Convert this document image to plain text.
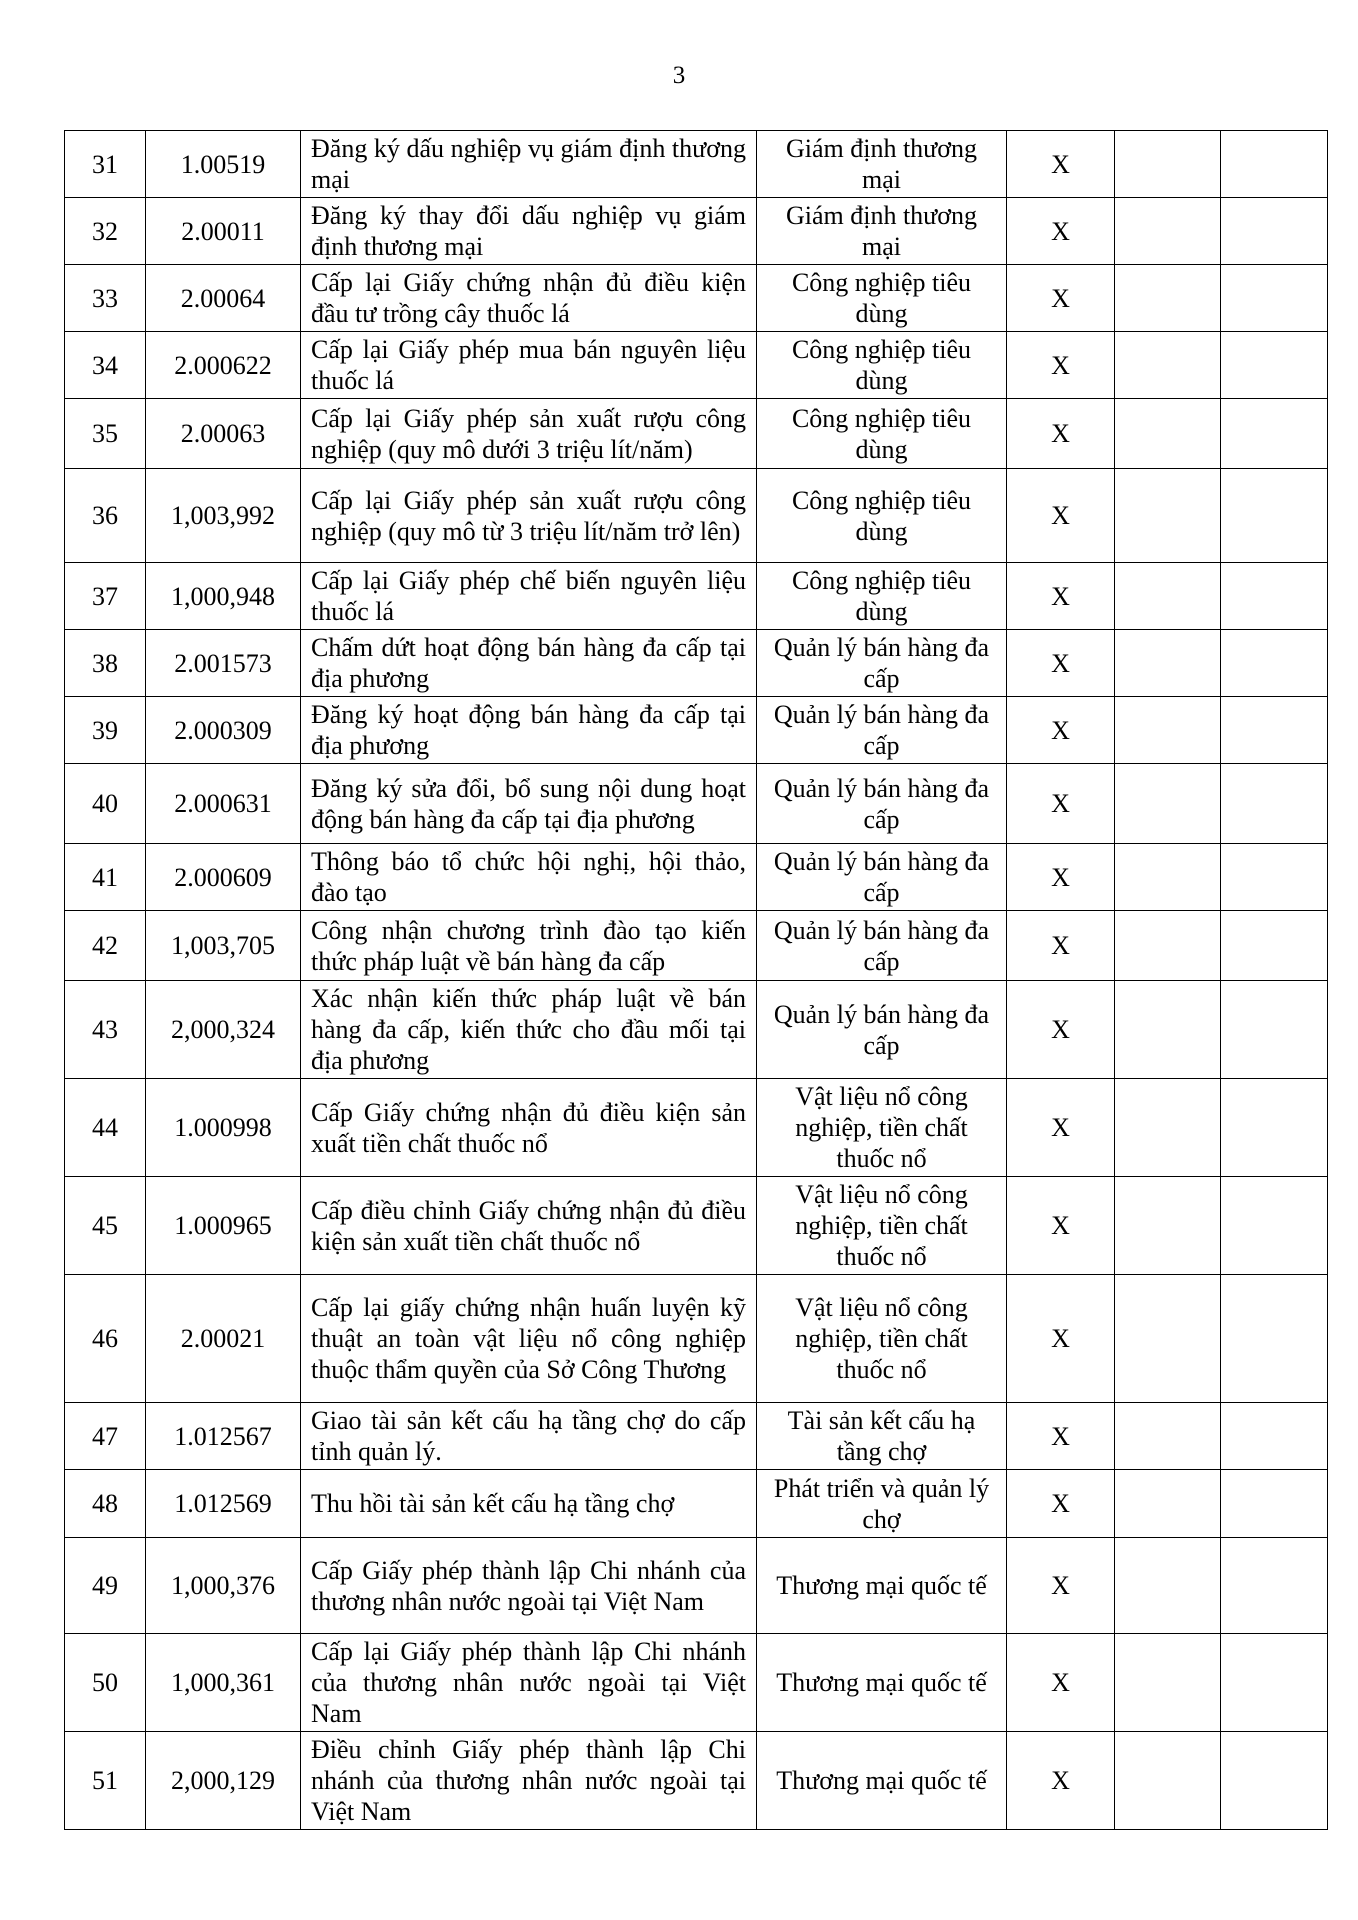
3
31	1.00519	Đăng ký dấu nghiệp vụ giám định thương mại	Giám định thương mại	X		
32	2.00011	Đăng ký thay đổi dấu nghiệp vụ giám định thương mại	Giám định thương mại	X		
33	2.00064	Cấp lại Giấy chứng nhận đủ điều kiện đầu tư trồng cây thuốc lá	Công nghiệp tiêu dùng	X		
34	2.000622	Cấp lại Giấy phép mua bán nguyên liệu thuốc lá	Công nghiệp tiêu dùng	X		
35	2.00063	Cấp lại Giấy phép sản xuất rượu công nghiệp (quy mô dưới 3 triệu lít/năm)	Công nghiệp tiêu dùng	X		
36	1,003,992	Cấp lại Giấy phép sản xuất rượu công nghiệp (quy mô từ 3 triệu lít/năm trở lên)	Công nghiệp tiêu dùng	X		
37	1,000,948	Cấp lại Giấy phép chế biến nguyên liệu thuốc lá	Công nghiệp tiêu dùng	X		
38	2.001573	Chấm dứt hoạt động bán hàng đa cấp tại địa phương	Quản lý bán hàng đa cấp	X		
39	2.000309	Đăng ký hoạt động bán hàng đa cấp tại địa phương	Quản lý bán hàng đa cấp	X		
40	2.000631	Đăng ký sửa đổi, bổ sung nội dung hoạt động bán hàng đa cấp tại địa phương	Quản lý bán hàng đa cấp	X		
41	2.000609	Thông báo tổ chức hội nghị, hội thảo, đào tạo	Quản lý bán hàng đa cấp	X		
42	1,003,705	Công nhận chương trình đào tạo kiến thức pháp luật về bán hàng đa cấp	Quản lý bán hàng đa cấp	X		
43	2,000,324	Xác nhận kiến thức pháp luật về bán hàng đa cấp, kiến thức cho đầu mối tại địa phương	Quản lý bán hàng đa cấp	X		
44	1.000998	Cấp Giấy chứng nhận đủ điều kiện sản xuất tiền chất thuốc nổ	Vật liệu nổ công nghiệp, tiền chất thuốc nổ	X		
45	1.000965	Cấp điều chỉnh Giấy chứng nhận đủ điều kiện sản xuất tiền chất thuốc nổ	Vật liệu nổ công nghiệp, tiền chất thuốc nổ	X		
46	2.00021	Cấp lại giấy chứng nhận huấn luyện kỹ thuật an toàn vật liệu nổ công nghiệp thuộc thẩm quyền của Sở Công Thương	Vật liệu nổ công nghiệp, tiền chất thuốc nổ	X		
47	1.012567	Giao tài sản kết cấu hạ tầng chợ do cấp tỉnh quản lý.	Tài sản kết cấu hạ tầng chợ	X		
48	1.012569	Thu hồi tài sản kết cấu hạ tầng chợ	Phát triển và quản lý chợ	X		
49	1,000,376	Cấp Giấy phép thành lập Chi nhánh của thương nhân nước ngoài tại Việt Nam	Thương mại quốc tế	X		
50	1,000,361	Cấp lại Giấy phép thành lập Chi nhánh của thương nhân nước ngoài tại Việt Nam	Thương mại quốc tế	X		
51	2,000,129	Điều chỉnh Giấy phép thành lập Chi nhánh của thương nhân nước ngoài tại Việt Nam	Thương mại quốc tế	X		
